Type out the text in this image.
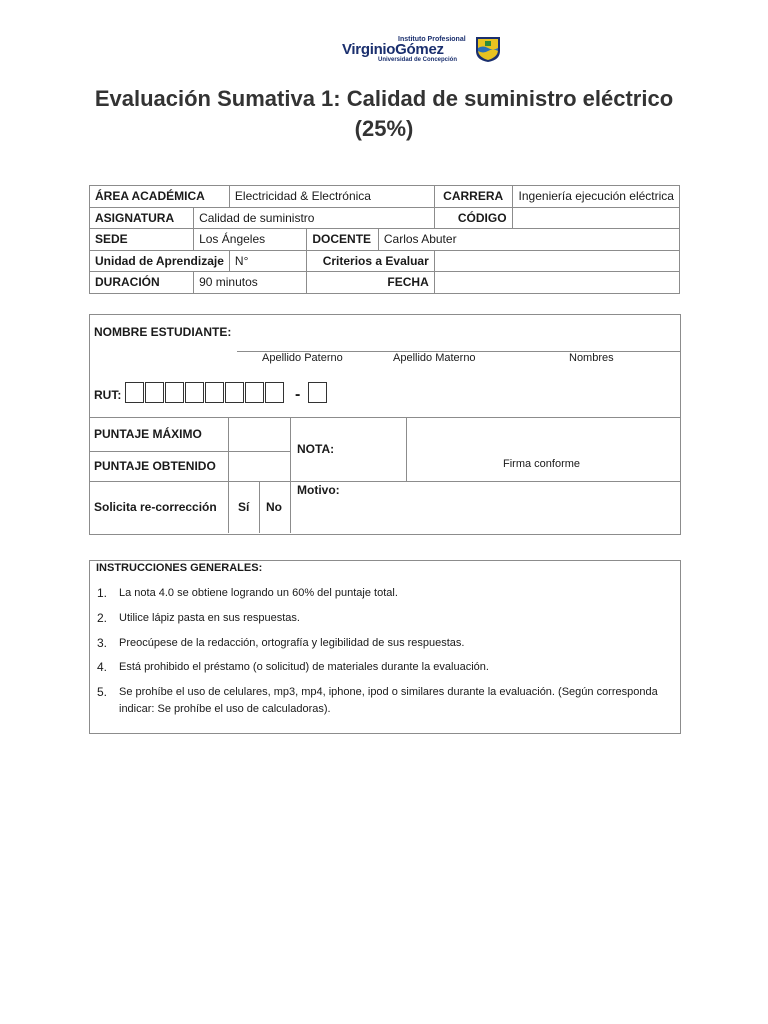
Instituto Profesional
VirginioGómez
Universidad de Concepción
Evaluación Sumativa 1: Calidad de suministro eléctrico
(25%)
ÁREA ACADÉMICA		Electricidad & Electrónica			CARRERA	Ingeniería ejecución eléctrica
ASIGNATURA	Calidad de suministro				CÓDIGO	
SEDE	Los Ángeles		DOCENTE	Carlos Abuter		
Unidad de Aprendizaje		N°	Criterios a Evaluar			
DURACIÓN	90 minutos		FECHA			
NOMBRE ESTUDIANTE:
Apellido Paterno	Apellido Materno	Nombres
RUT:	-
PUNTAJE MÁXIMO
PUNTAJE OBTENIDO
NOTA:
Firma conforme
Solicita re-corrección Sí No
Motivo:
INSTRUCCIONES GENERALES:
1. La nota 4.0 se obtiene logrando un 60% del puntaje total.
2. Utilice lápiz pasta en sus respuestas.
3. Preocúpese de la redacción, ortografía y legibilidad de sus respuestas.
4. Está prohibido el préstamo (o solicitud) de materiales durante la evaluación.
5. Se prohíbe el uso de celulares, mp3, mp4, iphone, ipod o similares durante la evaluación. (Según corresponda indicar: Se prohíbe el uso de calculadoras).
